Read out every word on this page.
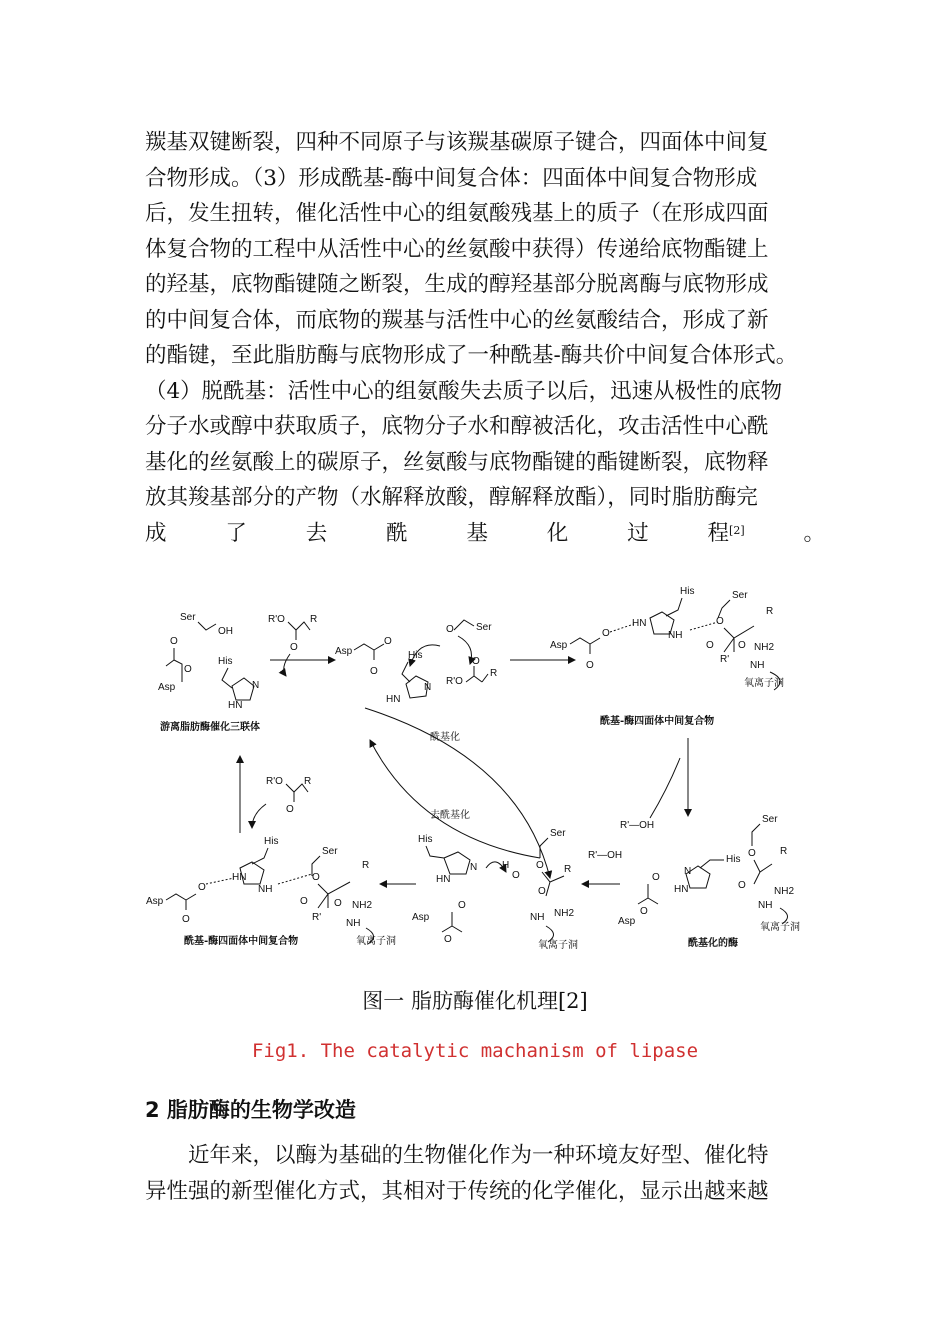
羰基双键断裂，四种不同原子与该羰基碳原子键合，四面体中间复
合物形成。（3）形成酰基-酶中间复合体：四面体中间复合物形成
后，发生扭转，催化活性中心的组氨酸残基上的质子（在形成四面
体复合物的工程中从活性中心的丝氨酸中获得）传递给底物酯键上
的羟基，底物酯键随之断裂，生成的醇羟基部分脱离酶与底物形成
的中间复合体，而底物的羰基与活性中心的丝氨酸结合，形成了新
的酯键，至此脂肪酶与底物形成了一种酰基-酶共价中间复合体形式。
（4）脱酰基：活性中心的组氨酸失去质子以后，迅速从极性的底物
分子水或醇中获取质子，底物分子水和醇被活化，攻击活性中心酰
基化的丝氨酸上的碳原子，丝氨酸与底物酯键的酯键断裂，底物释
放其羧基部分的产物（水解释放酸，醇解释放酯），同时脂肪酶完
成	了	去	酰	基	化	过	程[2]	。
Ser
OH
O
O
Asp
His
N
HN
游离脂肪酶催化三联体
R'O	R
O	Asp
O
O
His
N
HN
O Ser
R'O
R
O
Asp
O
O
His
HN
NH
Ser
O
R
O
R'
O NH2
NH
氧离子洞
酰基-酶四面体中间复合物
酰基化
去酰基化
R'O R
O
R'—OH
Ser
O R
O
NH2
NH
氧离子洞
His
N
HN
O
O
Asp
酰基化的酶
R'—OH
Ser
O R
O
NH2
NH
氧离子洞
H
O
His
N
HN
O
Asp
O
Asp
O
O
His
HN
NH
Ser
O
R
O
R'
O NH2
NH
氧离子洞
酰基-酶四面体中间复合物
图一 脂肪酶催化机理[2]
Fig1. The catalytic machanism of lipase
2 脂肪酶的生物学改造
　　近年来，以酶为基础的生物催化作为一种环境友好型、催化特
异性强的新型催化方式，其相对于传统的化学催化，显示出越来越
